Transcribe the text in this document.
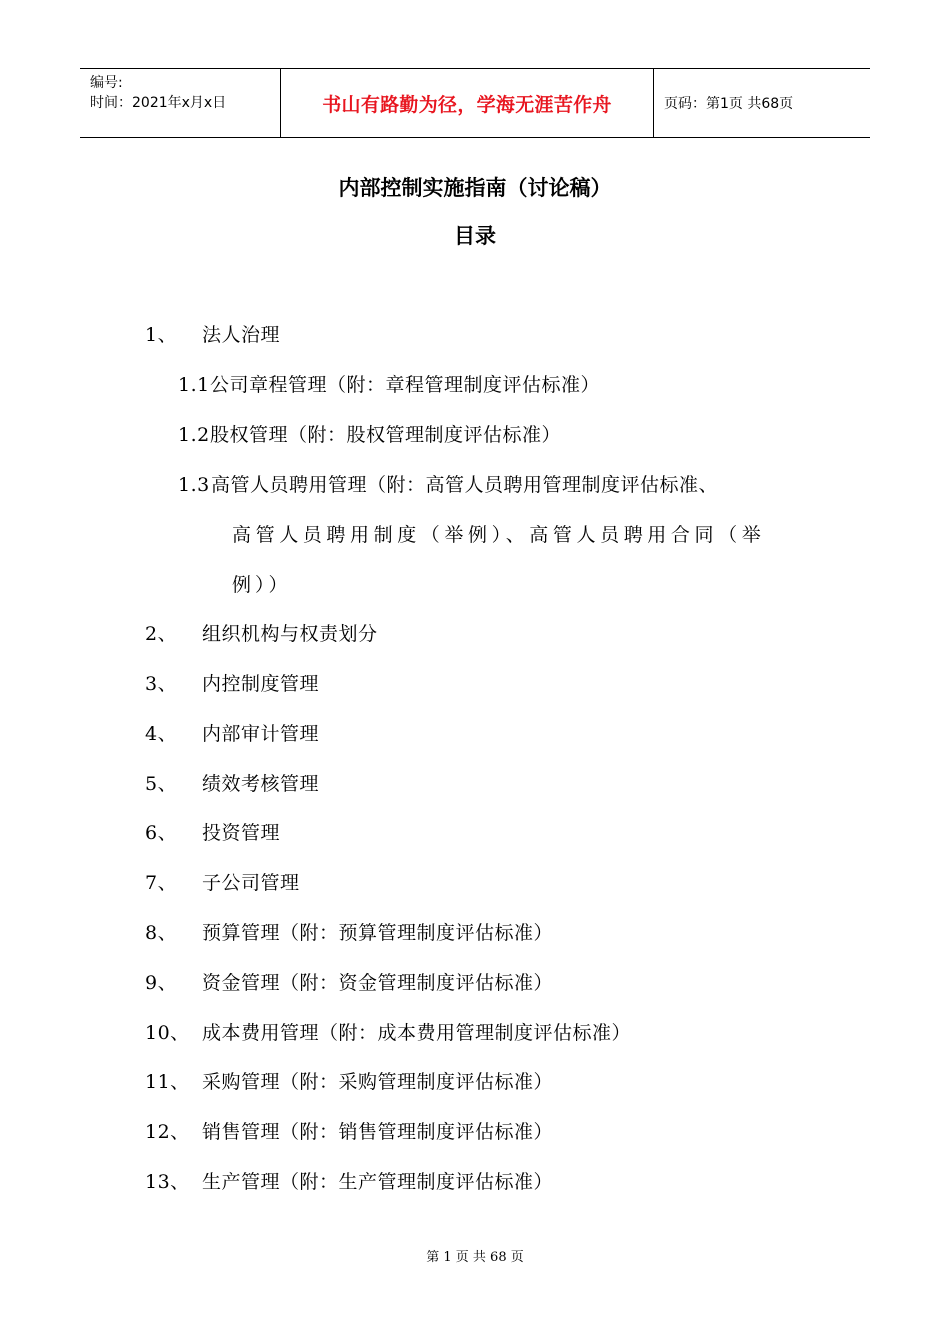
编号:
时间：2021年x月x日	书山有路勤为径，学海无涯苦作舟	页码：第1页 共68页
内部控制实施指南（讨论稿）
目录
1、 法人治理
1.1公司章程管理（附：章程管理制度评估标准）
1.2股权管理（附：股权管理制度评估标准）
1.3高管人员聘用管理（附：高管人员聘用管理制度评估标准、
高管人员聘用制度（举例）、高管人员聘用合同（举
例））
2、 组织机构与权责划分
3、 内控制度管理
4、 内部审计管理
5、 绩效考核管理
6、 投资管理
7、 子公司管理
8、 预算管理（附：预算管理制度评估标准）
9、 资金管理（附：资金管理制度评估标准）
10、 成本费用管理（附：成本费用管理制度评估标准）
11、 采购管理（附：采购管理制度评估标准）
12、 销售管理（附：销售管理制度评估标准）
13、 生产管理（附：生产管理制度评估标准）
第 1 页 共 68 页
